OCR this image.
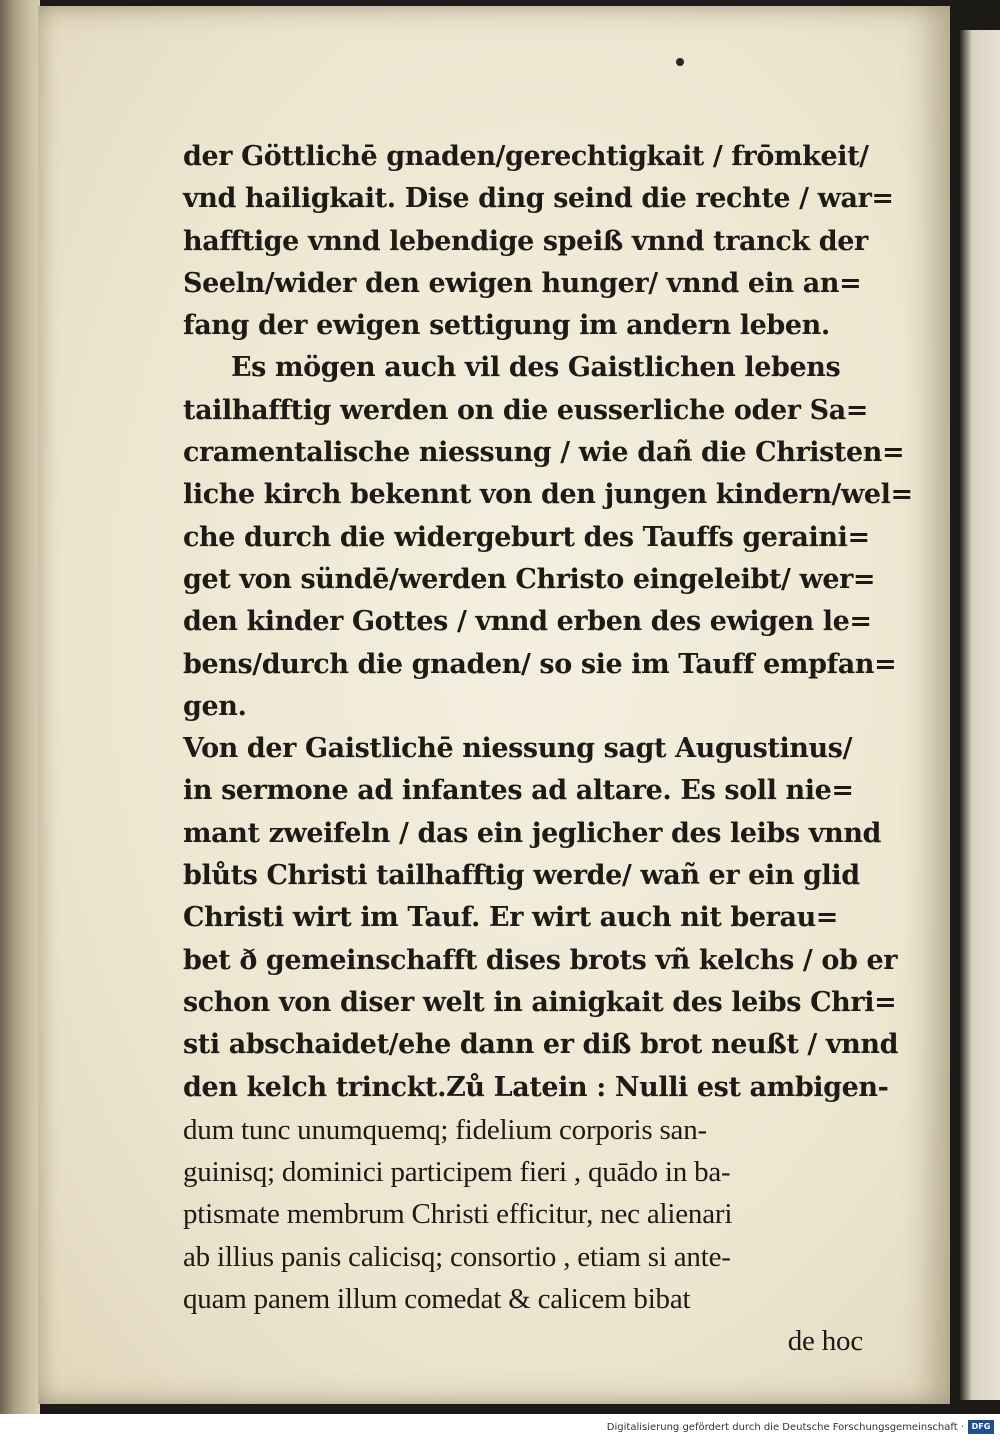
der Göttlichē gnaden/gerechtigkait / frōmkeit/
vnd hailigkait. Dise ding seind die rechte / war=
hafftige vnnd lebendige speiß vnnd tranck der
Seeln/wider den ewigen hunger/ vnnd ein an=
fang der ewigen settigung im andern leben.
Es mögen auch vil des Gaistlichen lebens
tailhafftig werden on die eusserliche oder Sa=
cramentalische niessung / wie dañ die Christen=
liche kirch bekennt von den jungen kindern/wel=
che durch die widergeburt des Tauffs geraini=
get von sündē/werden Christo eingeleibt/ wer=
den kinder Gottes / vnnd erben des ewigen le=
bens/durch die gnaden/ so sie im Tauff empfan=
gen.
Von der Gaistlichē niessung sagt Augustinus/
in sermone ad infantes ad altare. Es soll nie=
mant zweifeln / das ein jeglicher des leibs vnnd
blůts Christi tailhafftig werde/ wañ er ein glid
Christi wirt im Tauf. Er wirt auch nit berau=
bet ð gemeinschafft dises brots vñ kelchs / ob er
schon von diser welt in ainigkait des leibs Chri=
sti abschaidet/ehe dann er diß brot neußt / vnnd
den kelch trinckt.Zů Latein : Nulli est ambigen-
dum tunc unumquemq; fidelium corporis san-
guinisq; dominici participem fieri , quādo in ba-
ptismate membrum Christi efficitur, nec alienari
ab illius panis calicisq; consortio , etiam si ante-
quam panem illum comedat & calicem bibat
de hoc
Digitalisierung gefördert durch die Deutsche Forschungsgemeinschaft · DFG
